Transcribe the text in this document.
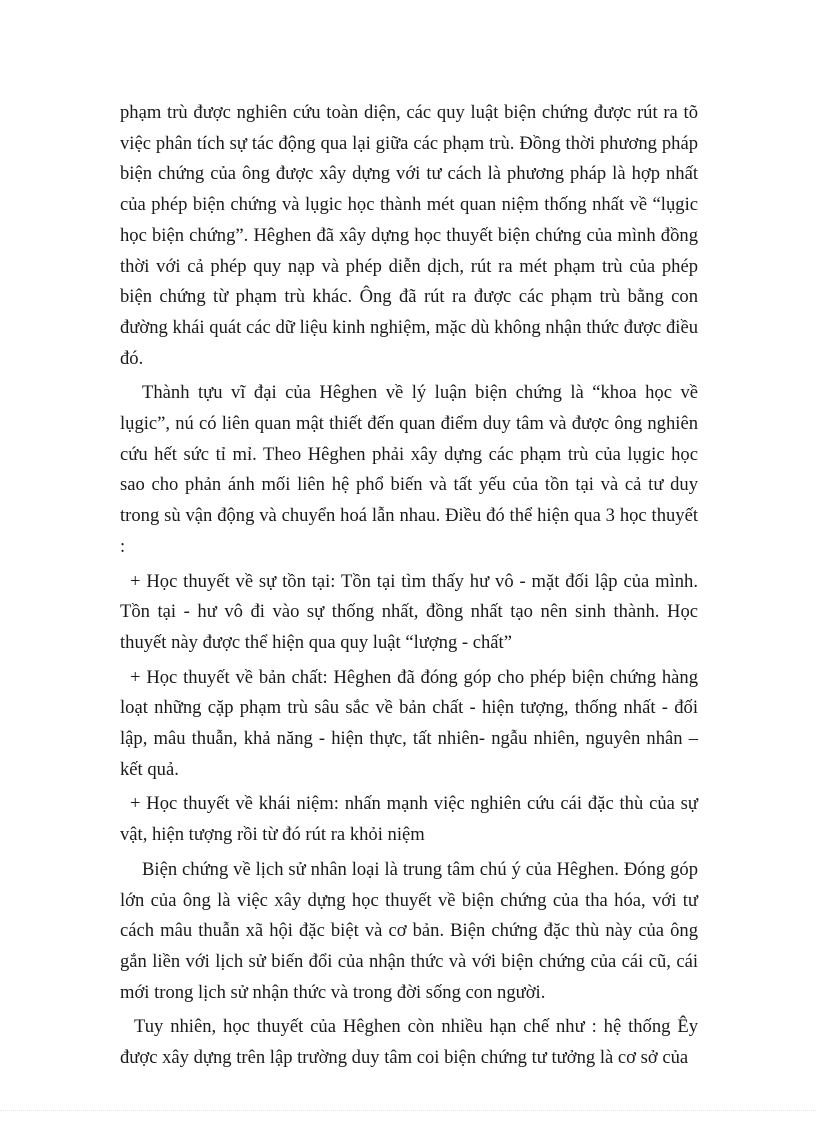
phạm trù được nghiên cứu toàn diện, các quy luật biện chứng được rút ra tõ việc phân tích sự tác động qua lại giữa các phạm trù. Đồng thời phương pháp biện chứng của ông được xây dựng với tư cách là phương pháp là hợp nhất của phép biện chứng và lụgic học thành mét quan niệm thống nhất về “lụgic học biện chứng”. Hêghen đã xây dựng học thuyết biện chứng của mình đồng thời với cả phép quy nạp và phép diễn dịch, rút ra mét phạm trù của phép biện chứng từ phạm trù khác. Ông đã rút ra được các phạm trù bằng con đường khái quát các dữ liệu kinh nghiệm, mặc dù không nhận thức được điều đó.

Thành tựu vĩ đại của Hêghen về lý luận biện chứng là “khoa học về lụgic”, nú có liên quan mật thiết đến quan điểm duy tâm và được ông nghiên cứu hết sức tỉ mỉ. Theo Hêghen phải xây dựng các phạm trù của lụgic học sao cho phản ánh mối liên hệ phổ biến và tất yếu của tồn tại và cả tư duy trong sù vận động và chuyển hoá lẫn nhau. Điều đó thể hiện qua 3 học thuyết :

+ Học thuyết về sự tồn tại: Tồn tại tìm thấy hư vô - mặt đối lập của mình. Tồn tại - hư vô đi vào sự thống nhất, đồng nhất tạo nên sinh thành. Học thuyết này được thể hiện qua quy luật “lượng - chất”

+ Học thuyết về bản chất: Hêghen đã đóng góp cho phép biện chứng hàng loạt những cặp phạm trù sâu sắc về bản chất - hiện tượng, thống nhất - đối lập, mâu thuẫn, khả năng - hiện thực, tất nhiên- ngẫu nhiên, nguyên nhân – kết quả.

+ Học thuyết về khái niệm: nhấn mạnh việc nghiên cứu cái đặc thù của sự vật, hiện tượng rồi từ đó rút ra khỏi niệm

Biện chứng về lịch sử nhân loại là trung tâm chú ý của Hêghen. Đóng góp lớn của ông là việc xây dựng học thuyết về biện chứng của tha hóa, với tư cách mâu thuẫn xã hội đặc biệt và cơ bản. Biện chứng đặc thù này của ông gắn liền với lịch sử biến đổi của nhận thức và với biện chứng của cái cũ, cái mới trong lịch sử nhận thức và trong đời sống con người.

Tuy nhiên, học thuyết của Hêghen còn nhiều hạn chế như : hệ thống Êy được xây dựng trên lập trường duy tâm coi biện chứng tư tưởng là cơ sở của
